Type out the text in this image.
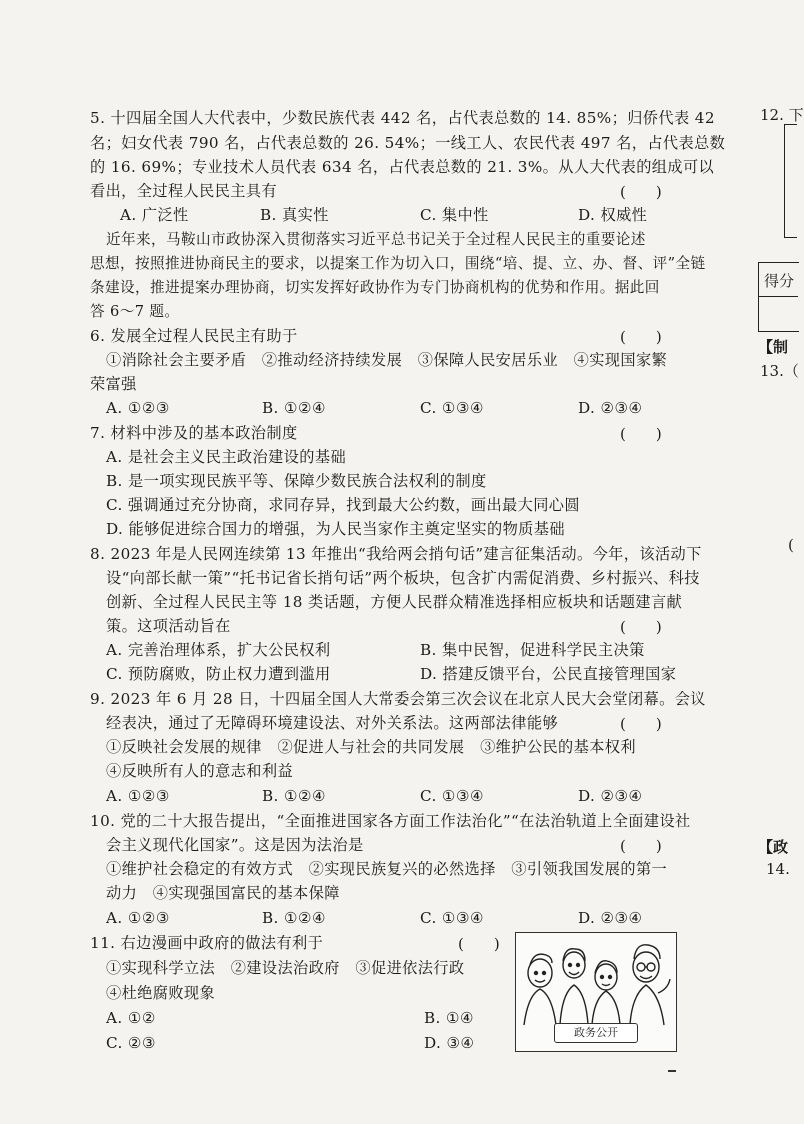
5. 十四届全国人大代表中，少数民族代表 442 名，占代表总数的 14. 85%；归侨代表 42
名；妇女代表 790 名，占代表总数的 26. 54%；一线工人、农民代表 497 名，占代表总数
的 16. 69%；专业技术人员代表 634 名，占代表总数的 21. 3%。从人大代表的组成可以
看出，全过程人民民主具有	(　　)
A. 广泛性	B. 真实性	C. 集中性	D. 权威性
近年来，马鞍山市政协深入贯彻落实习近平总书记关于全过程人民民主的重要论述
思想，按照推进协商民主的要求，以提案工作为切入口，围绕“培、提、立、办、督、评”全链
条建设，推进提案办理协商，切实发挥好政协作为专门协商机构的优势和作用。据此回
答 6～7 题。
6. 发展全过程人民民主有助于	(　　)
①消除社会主要矛盾　②推动经济持续发展　③保障人民安居乐业　④实现国家繁
荣富强
A. ①②③	B. ①②④	C. ①③④	D. ②③④
7. 材料中涉及的基本政治制度	(　　)
A. 是社会主义民主政治建设的基础
B. 是一项实现民族平等、保障少数民族合法权利的制度
C. 强调通过充分协商，求同存异，找到最大公约数，画出最大同心圆
D. 能够促进综合国力的增强，为人民当家作主奠定坚实的物质基础
8. 2023 年是人民网连续第 13 年推出“我给两会捎句话”建言征集活动。今年，该活动下
设“向部长献一策”“托书记省长捎句话”两个板块，包含扩内需促消费、乡村振兴、科技
创新、全过程人民民主等 18 类话题，方便人民群众精准选择相应板块和话题建言献
策。这项活动旨在	(　　)
A. 完善治理体系，扩大公民权利	B. 集中民智，促进科学民主决策
C. 预防腐败，防止权力遭到滥用	D. 搭建反馈平台，公民直接管理国家
9. 2023 年 6 月 28 日，十四届全国人大常委会第三次会议在北京人民大会堂闭幕。会议
经表决，通过了无障碍环境建设法、对外关系法。这两部法律能够	(　　)
①反映社会发展的规律　②促进人与社会的共同发展　③维护公民的基本权利
④反映所有人的意志和利益
A. ①②③	B. ①②④	C. ①③④	D. ②③④
10. 党的二十大报告提出，“全面推进国家各方面工作法治化”“在法治轨道上全面建设社
会主义现代化国家”。这是因为法治是	(　　)
①维护社会稳定的有效方式　②实现民族复兴的必然选择　③引领我国发展的第一
动力　④实现强国富民的基本保障
A. ①②③	B. ①②④	C. ①③④	D. ②③④
11. 右边漫画中政府的做法有利于	(　　)
①实现科学立法　②建设法治政府　③促进依法行政
④杜绝腐败现象
A. ①②	B. ①④
C. ②③	D. ③④
政务公开
12. 下
得分
【制
13.（
(
【政
14.
